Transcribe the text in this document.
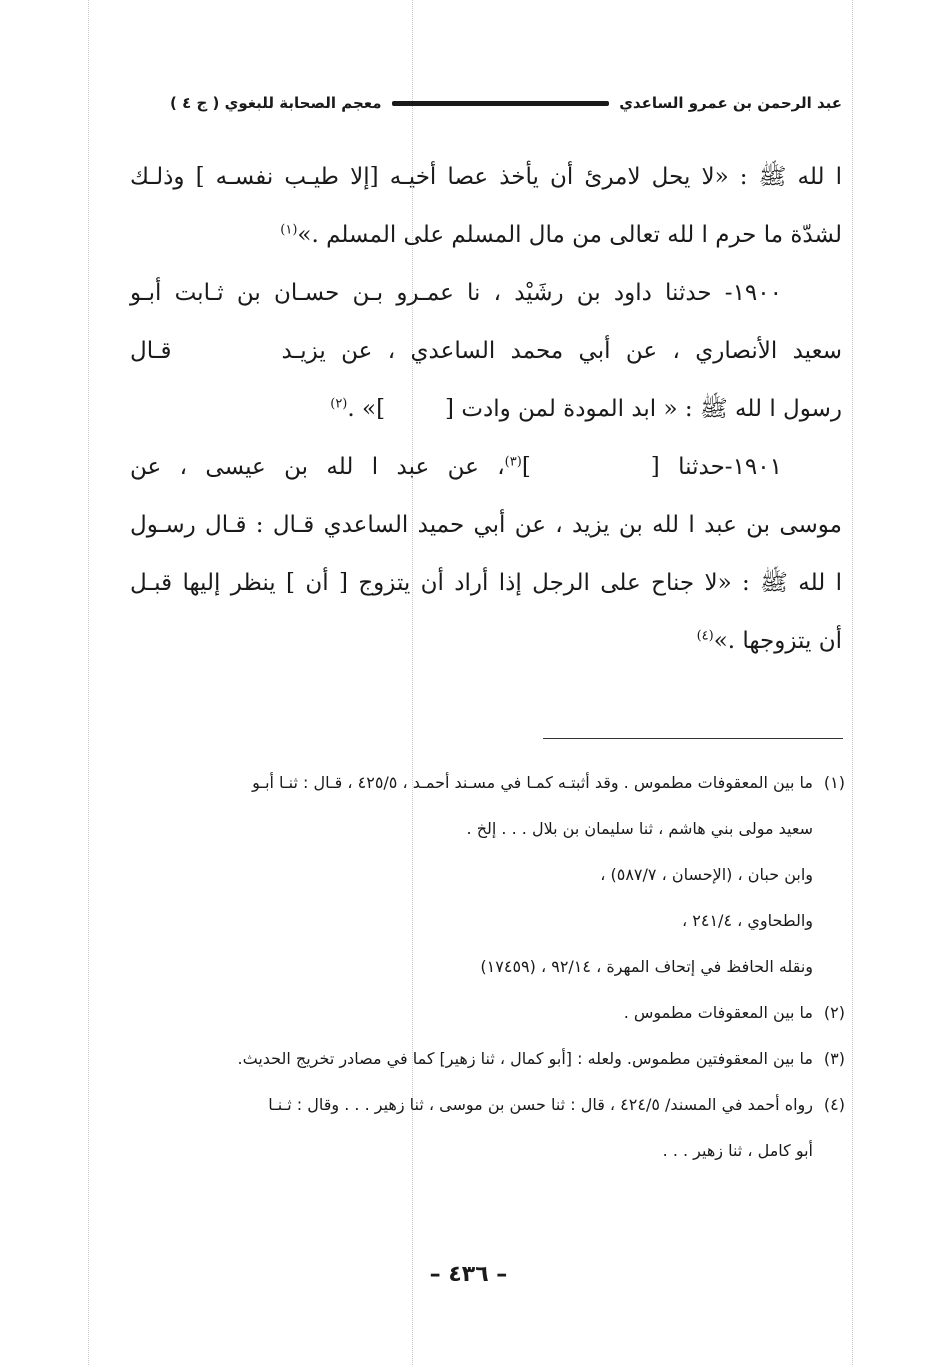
معجم الصحابة للبغوي ( ج ٤ )	عبد الرحمن بن عمرو الساعدي
ا لله ﷺ : «لا يحل لامرئ أن يأخذ عصا أخيـه [إلا طيـب نفسـه ] وذلـك
لشدّة ما حرم ا لله تعالى من مال المسلم على المسلم .»$^{(١)}$
١٩٠٠- حدثنا داود بن رشَيْد ، نا عمـرو بـن حسـان بن ثـابت أبـو
سعيد الأنصاري ، عن أبي محمد الساعدي ، عن يزيـدقـال
رسول ا لله ﷺ : « ابد المودة لمن وادت []» .$^{(٢)}$
١٩٠١-حدثنا []$^{(٣)}$، عن عبد ا لله بن عيسى ، عن
موسى بن عبد ا لله بن يزيد ، عن أبي حميد الساعدي قـال : قـال رسـول
ا لله ﷺ : «لا جناح على الرجل إذا أراد أن يتزوج [ أن ] ينظر إليها قبـل
أن يتزوجها .»$^{(٤)}$
(١)ما بين المعقوفات مطموس . وقد أثبتـه كمـا في مسـند أحمـد ، ٤٢٥/٥ ، قـال : ثنـا أبـو
سعيد مولى بني هاشم ، ثنا سليمان بن بلال . . . إلخ .
وابن حبان ، (الإحسان ، ٥٨٧/٧) ،
والطحاوي ، ٢٤١/٤ ،
ونقله الحافظ في إتحاف المهرة ، ٩٢/١٤ ، (١٧٤٥٩)
(٢)ما بين المعقوفات مطموس .
(٣)ما بين المعقوفتين مطموس. ولعله : [أبو كمال ، ثنا زهير] كما في مصادر تخريج الحديث.
(٤)رواه أحمد في المسند/ ٤٢٤/٥ ، قال : ثنا حسن بن موسى ، ثنا زهير . . . وقال : ثـنـا
أبو كامل ، ثنا زهير . . .
– ٤٣٦ –
